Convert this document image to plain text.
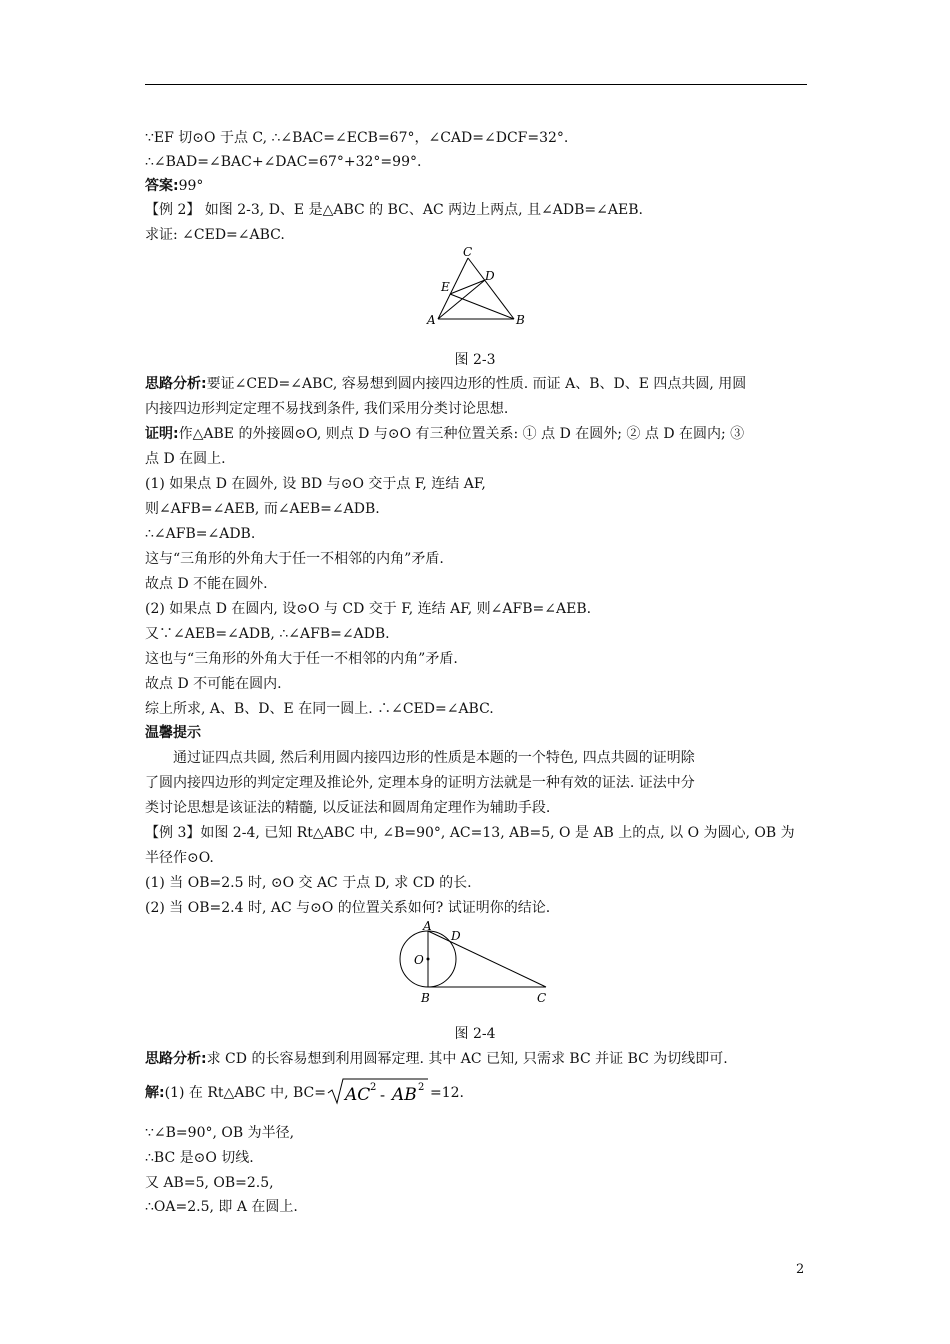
∵EF 切⊙O 于点 C, ∴∠BAC=∠ECB=67°，∠CAD=∠DCF=32°.
∴∠BAD=∠BAC+∠DAC=67°+32°=99°.
答案:99°
【例 2】 如图 2-3, D、E 是△ABC 的 BC、AC 两边上两点, 且∠ADB=∠AEB.
求证: ∠CED=∠ABC.
C
D
E
A	B
图 2-3
思路分析:要证∠CED=∠ABC, 容易想到圆内接四边形的性质. 而证 A、B、D、E 四点共圆, 用圆
内接四边形判定定理不易找到条件, 我们采用分类讨论思想.
证明:作△ABE 的外接圆⊙O, 则点 D 与⊙O 有三种位置关系: ① 点 D 在圆外; ② 点 D 在圆内; ③
点 D 在圆上.
(1) 如果点 D 在圆外, 设 BD 与⊙O 交于点 F, 连结 AF,
则∠AFB=∠AEB, 而∠AEB=∠ADB.
∴∠AFB=∠ADB.
这与“三角形的外角大于任一不相邻的内角”矛盾.
故点 D 不能在圆外.
(2) 如果点 D 在圆内, 设⊙O 与 CD 交于 F, 连结 AF, 则∠AFB=∠AEB.
又∵∠AEB=∠ADB, ∴∠AFB=∠ADB.
这也与“三角形的外角大于任一不相邻的内角”矛盾.
故点 D 不可能在圆内.
综上所求, A、B、D、E 在同一圆上. ∴∠CED=∠ABC.
温馨提示
通过证四点共圆, 然后利用圆内接四边形的性质是本题的一个特色, 四点共圆的证明除
了圆内接四边形的判定定理及推论外, 定理本身的证明方法就是一种有效的证法. 证法中分
类讨论思想是该证法的精髓, 以反证法和圆周角定理作为辅助手段.
【例 3】如图 2-4, 已知 Rt△ABC 中, ∠B=90°, AC=13, AB=5, O 是 AB 上的点, 以 O 为圆心, OB 为
半径作⊙O.
(1) 当 OB=2.5 时, ⊙O 交 AC 于点 D, 求 CD 的长.
(2) 当 OB=2.4 时, AC 与⊙O 的位置关系如何? 试证明你的结论.
A
D
O
B	C
图 2-4
思路分析:求 CD 的长容易想到利用圆幂定理. 其中 AC 已知, 只需求 BC 并证 BC 为切线即可.
解:(1) 在 Rt△ABC 中, BC= AC 2 - AB 2 =12.
∵∠B=90°, OB 为半径,
∴BC 是⊙O 切线.
又 AB=5, OB=2.5,
∴OA=2.5, 即 A 在圆上.
2
